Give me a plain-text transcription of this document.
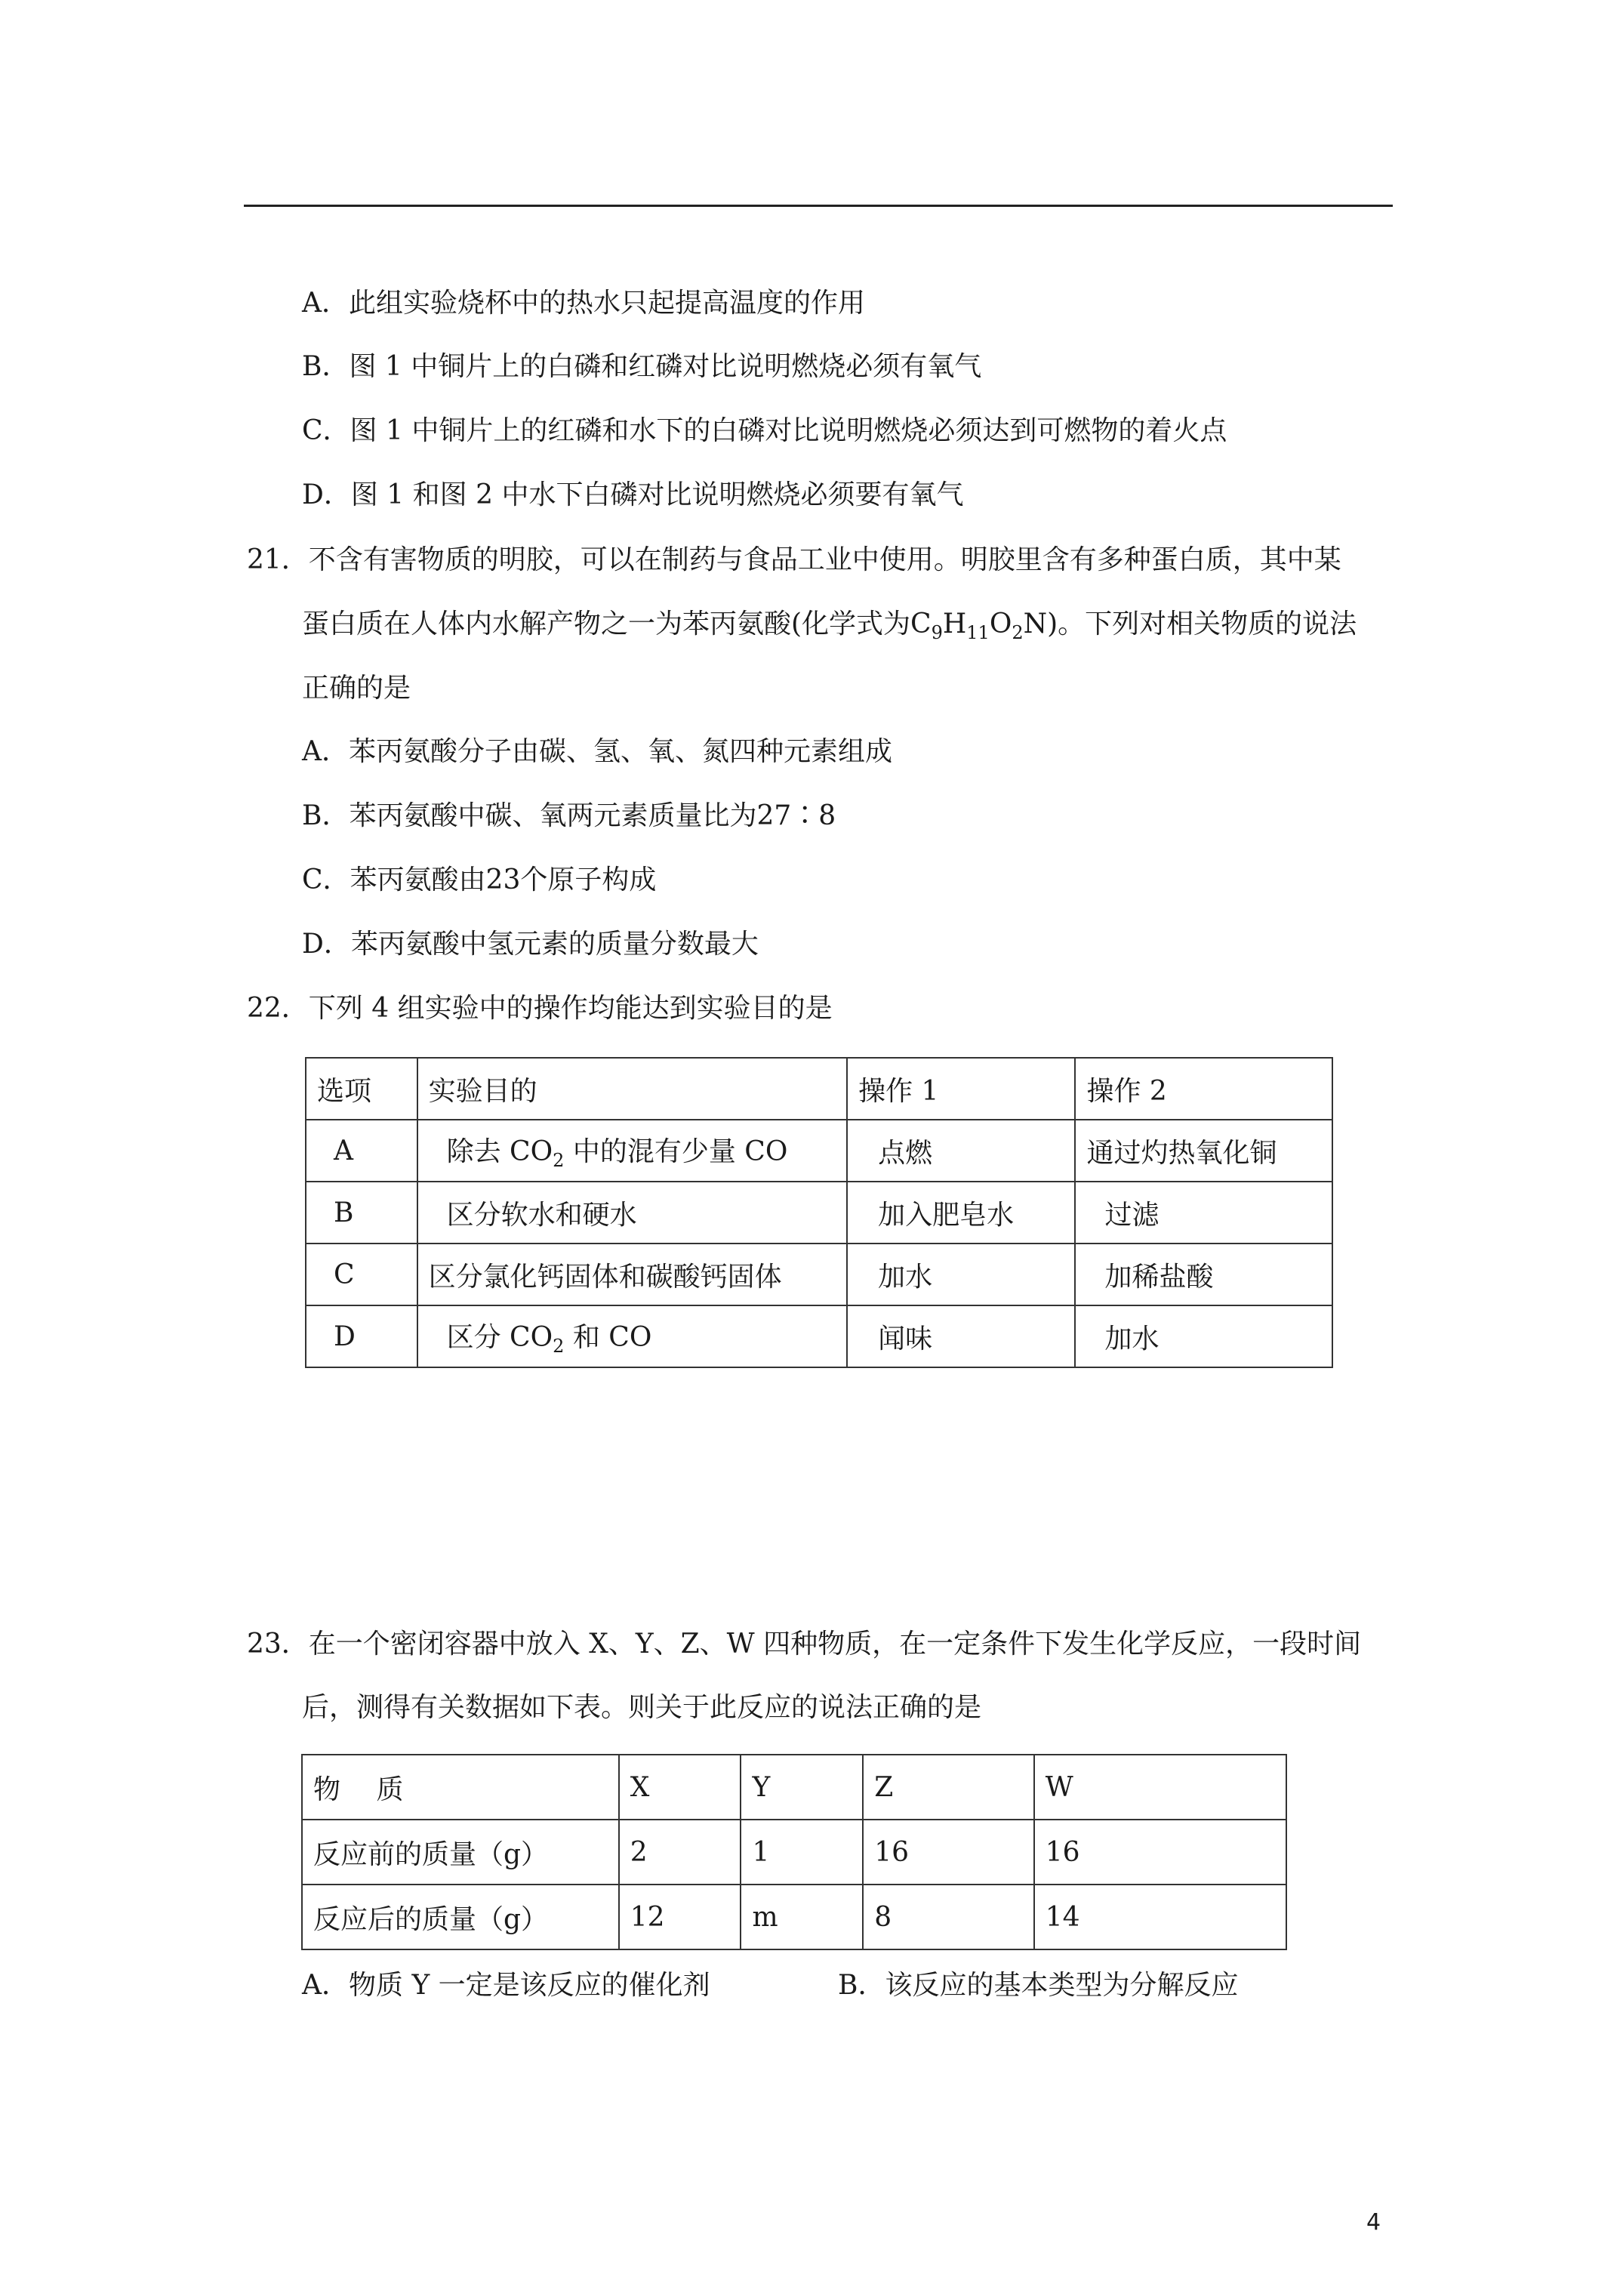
A．此组实验烧杯中的热水只起提高温度的作用
B．图 1 中铜片上的白磷和红磷对比说明燃烧必须有氧气
C．图 1 中铜片上的红磷和水下的白磷对比说明燃烧必须达到可燃物的着火点
D．图 1 和图 2 中水下白磷对比说明燃烧必须要有氧气
21．不含有害物质的明胶，可以在制药与食品工业中使用。明胶里含有多种蛋白质，其中某
蛋白质在人体内水解产物之一为苯丙氨酸(化学式为$C_9H_{11}O_2N$)。下列对相关物质的说法
正确的是
A．苯丙氨酸分子由碳、氢、氧、氮四种元素组成
B．苯丙氨酸中碳、氧两元素质量比为27∶8
C．苯丙氨酸由23个原子构成
D．苯丙氨酸中氢元素的质量分数最大
22．下列 4 组实验中的操作均能达到实验目的是
选项	实验目的	操作 1	操作 2
A	除去 $CO_2$ 中的混有少量 CO	点燃	通过灼热氧化铜
B	区分软水和硬水	加入肥皂水	过滤
C	区分氯化钙固体和碳酸钙固体	加水	加稀盐酸
D	区分 $CO_2$ 和 CO	闻味	加水
23．在一个密闭容器中放入 X、Y、Z、W 四种物质，在一定条件下发生化学反应，一段时间
后，测得有关数据如下表。则关于此反应的说法正确的是
物　 质	X	Y	Z	W
反应前的质量（g）	2	1	16	16
反应后的质量（g）	12	m	8	14
A．物质 Y 一定是该反应的催化剂	B．该反应的基本类型为分解反应
4
